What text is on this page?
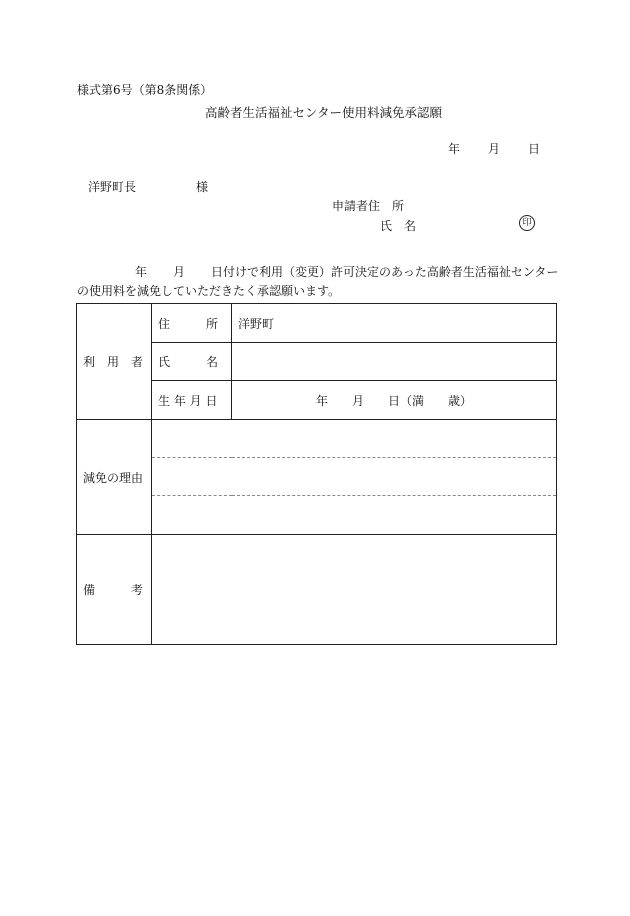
様式第6号（第8条関係）
高齢者生活福祉センター使用料減免承認願
年 月 日
洋野町長	様
申請者 住　所
氏　名	印
年 月 日付けで利用（変更）許可決定のあった高齢者生活福祉センターの使用料を減免していただきたく承認願います。
利　用　者	住　　　所	洋野町
	氏　　　名	
	生 年 月 日	年　　月　　日（満　　歳）
減免の理由		

備　　　考		
